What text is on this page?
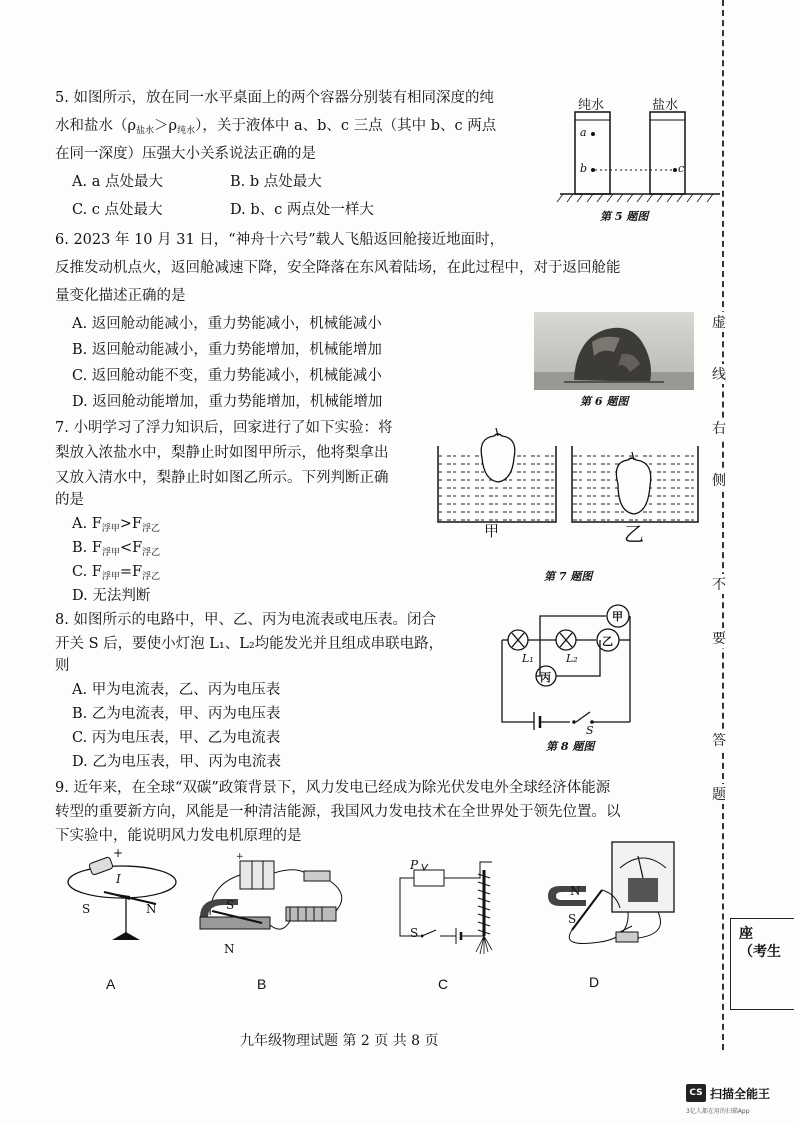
虚
线
右
侧
不
要
答
题
座
（考生
5. 如图所示，放在同一水平桌面上的两个容器分别装有相同深度的纯
水和盐水$(\rho_{盐水}>\rho_{纯水})$，关于液体中 a、b、c 三点（其中 b、c 两点
在同一深度）压强大小关系说法正确的是
A. a 点处最大	B. b 点处最大
C. c 点处最大	D. b、c 两点处一样大
纯水	盐水
a
b	c
第 5 题图
6. 2023 年 10 月 31 日，“神舟十六号”载人飞船返回舱接近地面时，
反推发动机点火，返回舱减速下降，安全降落在东风着陆场，在此过程中，对于返回舱能
量变化描述正确的是
A. 返回舱动能减小，重力势能减小，机械能减小
B. 返回舱动能减小，重力势能增加，机械能增加
C. 返回舱动能不变，重力势能减小，机械能减小
D. 返回舱动能增加，重力势能增加，机械能增加	第 6 题图
7. 小明学习了浮力知识后，回家进行了如下实验：将
梨放入浓盐水中，梨静止时如图甲所示，他将梨拿出
又放入清水中，梨静止时如图乙所示。下列判断正确
的是
A. $F_{浮甲}>F_{浮乙}$
B. $F_{浮甲}<F_{浮乙}$
C. $F_{浮甲}=F_{浮乙}$
D. 无法判断
甲	乙
第 7 题图
8. 如图所示的电路中，甲、乙、丙为电流表或电压表。闭合
开关 S 后，要使小灯泡 L₁、L₂均能发光并且组成串联电路，
则
A. 甲为电流表，乙、丙为电压表
B. 乙为电流表，甲、丙为电压表
C. 丙为电压表，甲、乙为电流表
D. 乙为电压表，甲、丙为电流表
甲
乙
丙
L₁	L₂
S
第 8 题图
9. 近年来，在全球“双碳”政策背景下，风力发电已经成为除光伏发电外全球经济体能源
转型的重要新方向，风能是一种清洁能源，我国风力发电技术在全世界处于领先位置。以
下实验中，能说明风力发电机原理的是
+
I
S	N
+
S
N
P
S
N
S
A	B	C	D
九年级物理试题 第 2 页 共 8 页
CS 扫描全能王
3亿人都在用的扫描App
